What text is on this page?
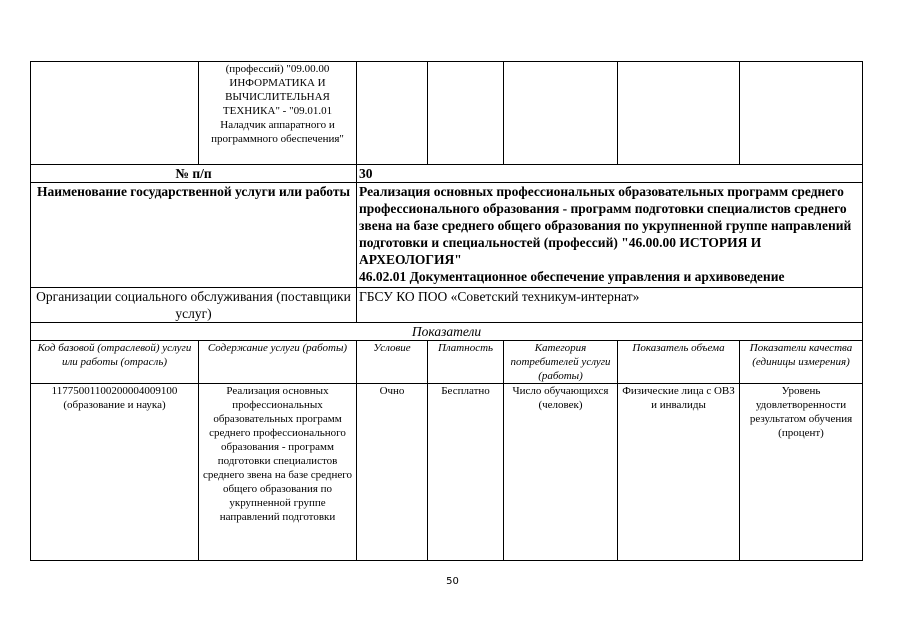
	(профессий) "09.00.00 ИНФОРМАТИКА И ВЫЧИСЛИТЕЛЬНАЯ ТЕХНИКА" - "09.01.01 Наладчик аппаратного и программного обеспечения"					
№ п/п		30				
Наименование государственной услуги или работы		Реализация основных профессиональных образовательных программ среднего профессионального образования - программ подготовки специалистов среднего звена на базе среднего общего образования по укрупненной группе направлений подготовки и специальностей (профессий) "46.00.00 ИСТОРИЯ И АРХЕОЛОГИЯ"
46.02.01 Документационное обеспечение управления и архивоведение				
Организации социального обслуживания (поставщики услуг)		ГБСУ КО ПОО «Советский техникум-интернат»				
Показатели						
Код базовой (отраслевой) услуги или работы (отрасль)	Содержание услуги (работы)	Условие	Платность	Категория потребителей услуги (работы)	Показатель объема	Показатели качества (единицы измерения)
11775001100200004009100 (образование и наука)	Реализация основных профессиональных образовательных программ среднего профессионального образования - программ подготовки специалистов среднего звена на базе среднего общего образования по укрупненной группе направлений подготовки	Очно	Бесплатно	Число обучающихся (человек)	Физические лица с ОВЗ и инвалиды	Уровень удовлетворенности результатом обучения (процент)
50
